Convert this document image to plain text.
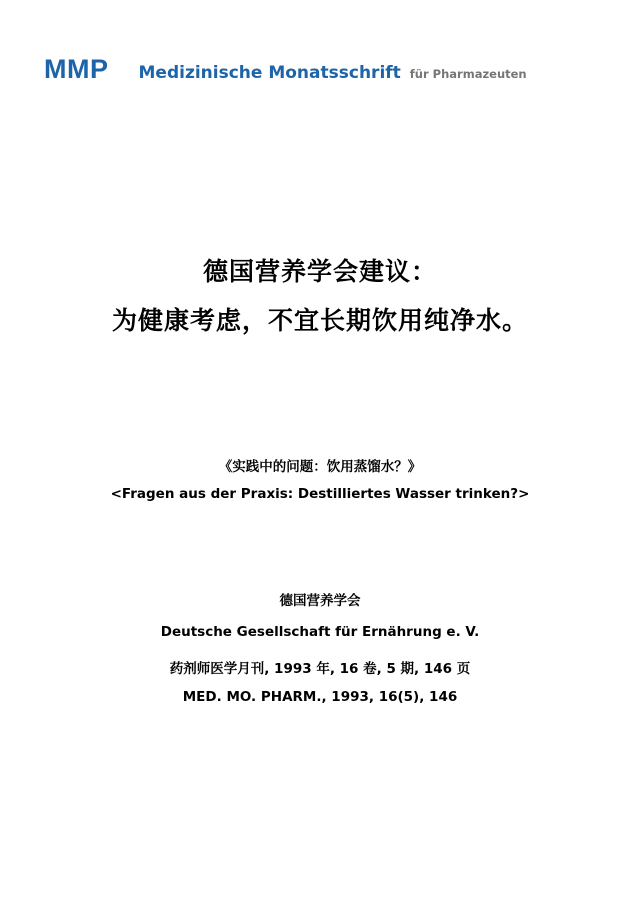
MMP Medizinische Monatsschrift für Pharmazeuten
德国营养学会建议：
为健康考虑，不宜长期饮用纯净水。
《实践中的问题：饮用蒸馏水？》
<Fragen aus der Praxis: Destilliertes Wasser trinken?>
德国营养学会
Deutsche Gesellschaft für Ernährung e. V.
药剂师医学月刊, 1993 年, 16 卷, 5 期, 146 页
MED. MO. PHARM., 1993, 16(5), 146
